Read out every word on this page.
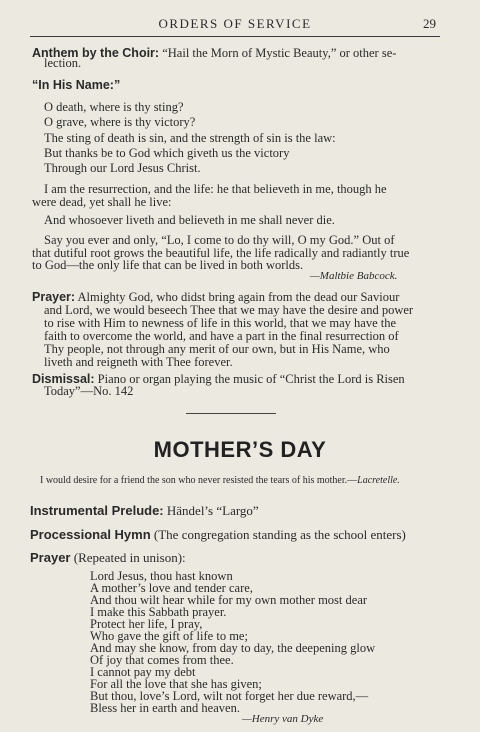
ORDERS OF SERVICE	29
Anthem by the Choir: “Hail the Morn of Mystic Beauty,” or other se-
lection.
“In His Name:”
O death, where is thy sting?
O grave, where is thy victory?
The sting of death is sin, and the strength of sin is the law:
But thanks be to God which giveth us the victory
Through our Lord Jesus Christ.
I am the resurrection, and the life: he that believeth in me, though he
were dead, yet shall he live:
And whosoever liveth and believeth in me shall never die.
Say you ever and only, “Lo, I come to do thy will, O my God.” Out of
that dutiful root grows the beautiful life, the life radically and radiantly true
to God—the only life that can be lived in both worlds.
—Maltbie Babcock.
Prayer: Almighty God, who didst bring again from the dead our Saviour
and Lord, we would beseech Thee that we may have the desire and power
to rise with Him to newness of life in this world, that we may have the
faith to overcome the world, and have a part in the final resurrection of
Thy people, not through any merit of our own, but in His Name, who
liveth and reigneth with Thee forever.
Dismissal: Piano or organ playing the music of “Christ the Lord is Risen
Today”—No. 142
MOTHER’S DAY
I would desire for a friend the son who never resisted the tears of his mother.—Lacretelle.
Instrumental Prelude: Händel’s “Largo”
Processional Hymn (The congregation standing as the school enters)
Prayer (Repeated in unison):
Lord Jesus, thou hast known
A mother’s love and tender care,
And thou wilt hear while for my own mother most dear
I make this Sabbath prayer.
Protect her life, I pray,
Who gave the gift of life to me;
And may she know, from day to day, the deepening glow
Of joy that comes from thee.
I cannot pay my debt
For all the love that she has given;
But thou, love’s Lord, wilt not forget her due reward,—
Bless her in earth and heaven.
—Henry van Dyke
